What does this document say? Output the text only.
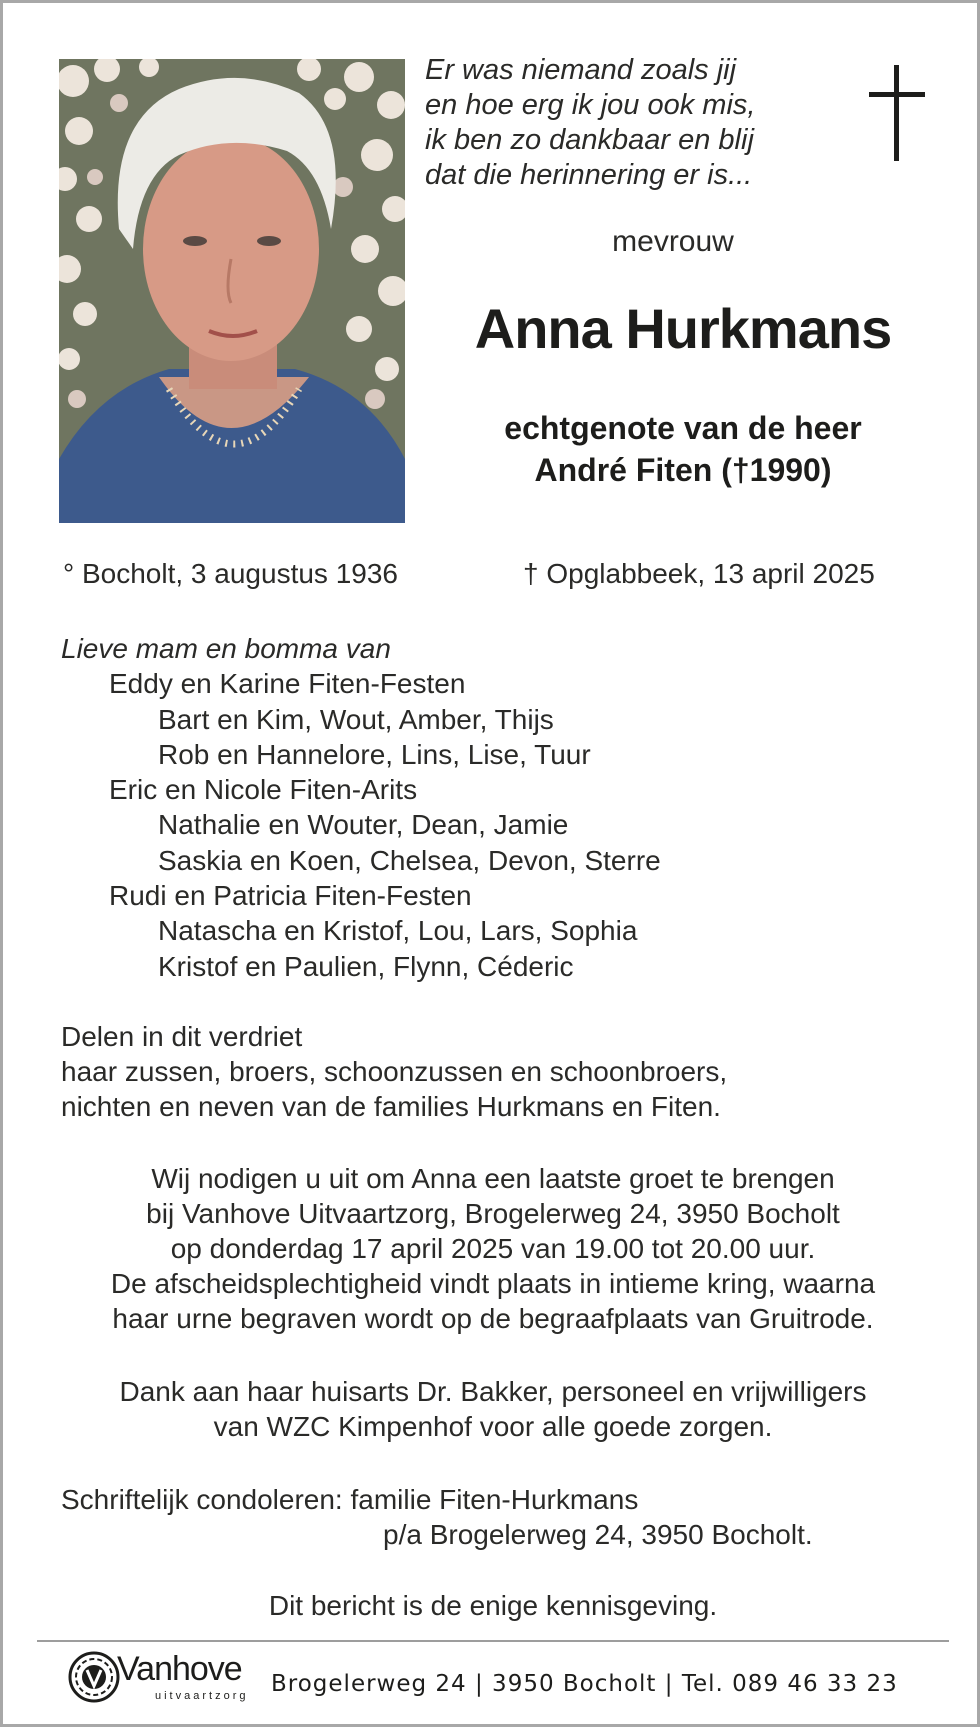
Er was niemand zoals jij
en hoe erg ik jou ook mis,
ik ben zo dankbaar en blij
dat die herinnering er is...
mevrouw
Anna Hurkmans
echtgenote van de heer
André Fiten (†1990)
° Bocholt, 3 augustus 1936	† Opglabbeek, 13 april 2025
Lieve mam en bomma van
Eddy en Karine Fiten-Festen
Bart en Kim, Wout, Amber, Thijs
Rob en Hannelore, Lins, Lise, Tuur
Eric en Nicole Fiten-Arits
Nathalie en Wouter, Dean, Jamie
Saskia en Koen, Chelsea, Devon, Sterre
Rudi en Patricia Fiten-Festen
Natascha en Kristof, Lou, Lars, Sophia
Kristof en Paulien, Flynn, Céderic
Delen in dit verdriet
haar zussen, broers, schoonzussen en schoonbroers,
nichten en neven van de families Hurkmans en Fiten.
Wij nodigen u uit om Anna een laatste groet te brengen
bij Vanhove Uitvaartzorg, Brogelerweg 24, 3950 Bocholt
op donderdag 17 april 2025 van 19.00 tot 20.00 uur.
De afscheidsplechtigheid vindt plaats in intieme kring, waarna
haar urne begraven wordt op de begraafplaats van Gruitrode.
Dank aan haar huisarts Dr. Bakker, personeel en vrijwilligers
van WZC Kimpenhof voor alle goede zorgen.
Schriftelijk condoleren: familie Fiten-Hurkmans
p/a Brogelerweg 24, 3950 Bocholt.
Dit bericht is de enige kennisgeving.
Vanhove
uitvaartzorg Brogelerweg 24 | 3950 Bocholt | Tel. 089 46 33 23
